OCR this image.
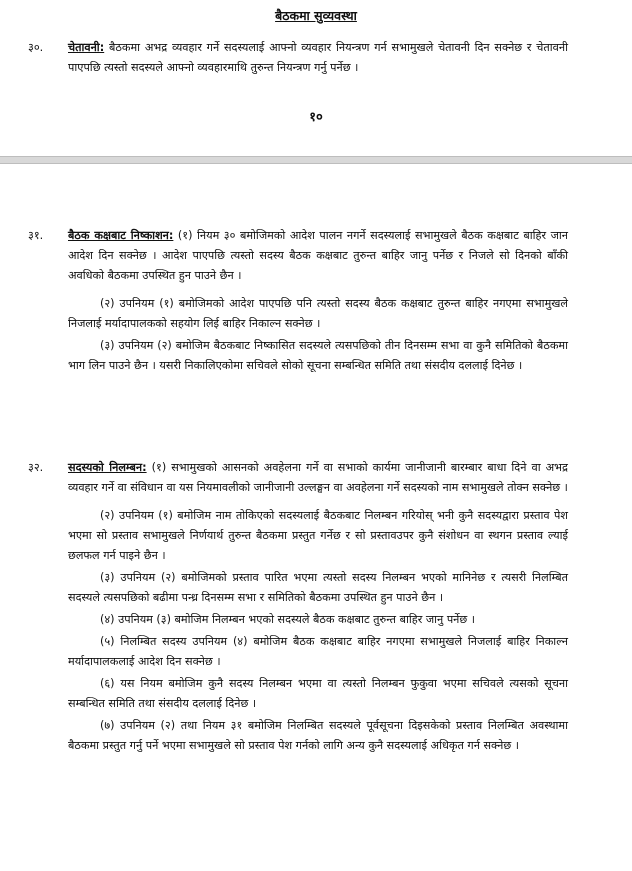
बैठकमा सुव्यवस्था
३०. चेतावनी: बैठकमा अभद्र व्यवहार गर्ने सदस्यलाई आफ्नो व्यवहार नियन्त्रण गर्न सभामुखले चेतावनी दिन सक्नेछ र चेतावनी पाएपछि त्यस्तो सदस्यले आफ्नो व्यवहारमाथि तुरुन्त नियन्त्रण गर्नु पर्नेछ ।

१०
३१. बैठक कक्षबाट निष्काशन: (१) नियम ३० बमोजिमको आदेश पालन नगर्ने सदस्यलाई सभामुखले बैठक कक्षबाट बाहिर जान आदेश दिन सक्नेछ । आदेश पाएपछि त्यस्तो सदस्य बैठक कक्षबाट तुरुन्त बाहिर जानु पर्नेछ र निजले सो दिनको बाँकी अवधिको बैठकमा उपस्थित हुन पाउने छैन ।

(२) उपनियम (१) बमोजिमको आदेश पाएपछि पनि त्यस्तो सदस्य बैठक कक्षबाट तुरुन्त बाहिर नगएमा सभामुखले निजलाई मर्यादापालकको सहयोग लिई बाहिर निकाल्न सक्नेछ ।

(३) उपनियम (२) बमोजिम बैठकबाट निष्कासित सदस्यले त्यसपछिको तीन दिनसम्म सभा वा कुनै समितिको बैठकमा भाग लिन पाउने छैन । यसरी निकालिएकोमा सचिवले सोको सूचना सम्बन्धित समिति तथा संसदीय दललाई दिनेछ ।

३२. सदस्यको निलम्बन: (१) सभामुखको आसनको अवहेलना गर्ने वा सभाको कार्यमा जानीजानी बारम्बार बाधा दिने वा अभद्र व्यवहार गर्ने वा संविधान वा यस नियमावलीको जानीजानी उल्लङ्घन वा अवहेलना गर्ने सदस्यको नाम सभामुखले तोक्न सक्नेछ ।

(२) उपनियम (१) बमोजिम नाम तोकिएको सदस्यलाई बैठकबाट निलम्बन गरियोस् भनी कुनै सदस्यद्वारा प्रस्ताव पेश भएमा सो प्रस्ताव सभामुखले निर्णयार्थ तुरुन्त बैठकमा प्रस्तुत गर्नेछ र सो प्रस्तावउपर कुनै संशोधन वा स्थगन प्रस्ताव ल्याई छलफल गर्न पाइने छैन ।

(३) उपनियम (२) बमोजिमको प्रस्ताव पारित भएमा त्यस्तो सदस्य निलम्बन भएको मानिनेछ र त्यसरी निलम्बित सदस्यले त्यसपछिको बढीमा पन्ध्र दिनसम्म सभा र समितिको बैठकमा उपस्थित हुन पाउने छैन ।

(४) उपनियम (३) बमोजिम निलम्बन भएको सदस्यले बैठक कक्षबाट तुरुन्त बाहिर जानु पर्नेछ ।

(५) निलम्बित सदस्य उपनियम (४) बमोजिम बैठक कक्षबाट बाहिर नगएमा सभामुखले निजलाई बाहिर निकाल्न मर्यादापालकलाई आदेश दिन सक्नेछ ।

(६) यस नियम बमोजिम कुनै सदस्य निलम्बन भएमा वा त्यस्तो निलम्बन फुकुवा भएमा सचिवले त्यसको सूचना सम्बन्धित समिति तथा संसदीय दललाई दिनेछ ।

(७) उपनियम (२) तथा नियम ३१ बमोजिम निलम्बित सदस्यले पूर्वसूचना दिइसकेको प्रस्ताव निलम्बित अवस्थामा बैठकमा प्रस्तुत गर्नु पर्ने भएमा सभामुखले सो प्रस्ताव पेश गर्नको लागि अन्य कुनै सदस्यलाई अधिकृत गर्न सक्नेछ ।
